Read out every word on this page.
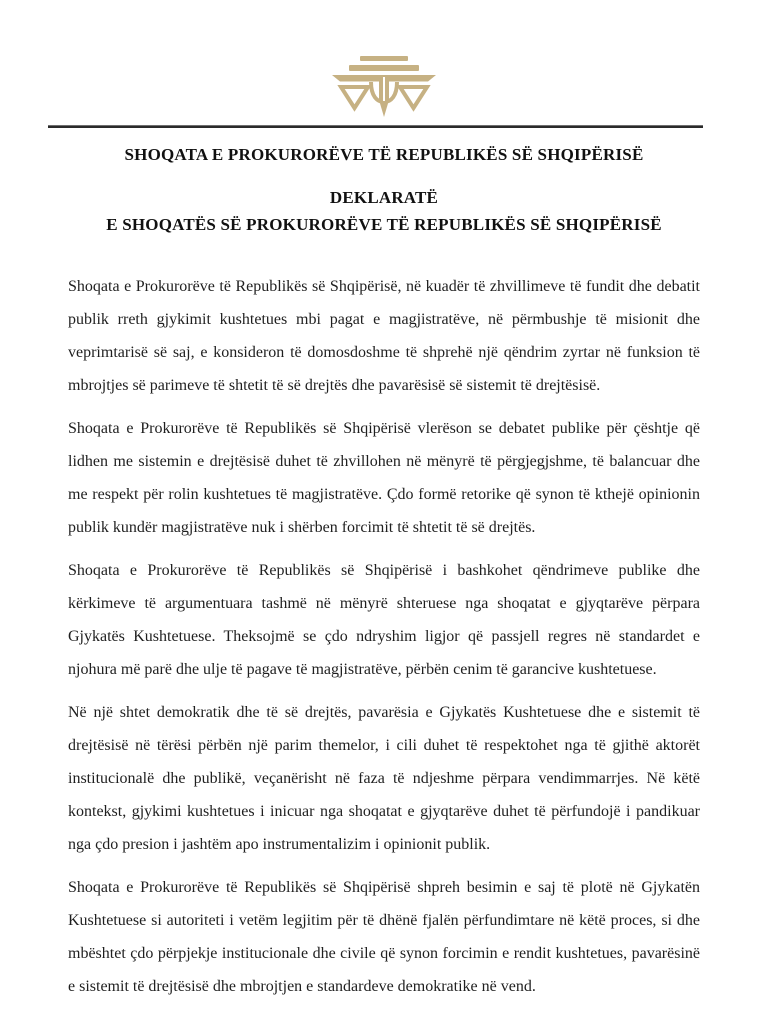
SHOQATA E PROKURORËVE TË REPUBLIKËS SË SHQIPËRISË
DEKLARATË
E SHOQATËS SË PROKURORËVE TË REPUBLIKËS SË SHQIPËRISË

Shoqata e Prokurorëve të Republikës së Shqipërisë, në kuadër të zhvillimeve të fundit dhe debatit publik rreth gjykimit kushtetues mbi pagat e magjistratëve, në përmbushje të misionit dhe veprimtarisë së saj, e konsideron të domosdoshme të shprehë një qëndrim zyrtar në funksion të mbrojtjes së parimeve të shtetit të së drejtës dhe pavarësisë së sistemit të drejtësisë.

Shoqata e Prokurorëve të Republikës së Shqipërisë vlerëson se debatet publike për çështje që lidhen me sistemin e drejtësisë duhet të zhvillohen në mënyrë të përgjegjshme, të balancuar dhe me respekt për rolin kushtetues të magjistratëve. Çdo formë retorike që synon të kthejë opinionin publik kundër magjistratëve nuk i shërben forcimit të shtetit të së drejtës.

Shoqata e Prokurorëve të Republikës së Shqipërisë i bashkohet qëndrimeve publike dhe kërkimeve të argumentuara tashmë në mënyrë shteruese nga shoqatat e gjyqtarëve përpara Gjykatës Kushtetuese. Theksojmë se çdo ndryshim ligjor që passjell regres në standardet e njohura më parë dhe ulje të pagave të magjistratëve, përbën cenim të garancive kushtetuese.

Në një shtet demokratik dhe të së drejtës, pavarësia e Gjykatës Kushtetuese dhe e sistemit të drejtësisë në tërësi përbën një parim themelor, i cili duhet të respektohet nga të gjithë aktorët institucionalë dhe publikë, veçanërisht në faza të ndjeshme përpara vendimmarrjes. Në këtë kontekst, gjykimi kushtetues i inicuar nga shoqatat e gjyqtarëve duhet të përfundojë i pandikuar nga çdo presion i jashtëm apo instrumentalizim i opinionit publik.

Shoqata e Prokurorëve të Republikës së Shqipërisë shpreh besimin e saj të plotë në Gjykatën Kushtetuese si autoriteti i vetëm legjitim për të dhënë fjalën përfundimtare në këtë proces, si dhe mbështet çdo përpjekje institucionale dhe civile që synon forcimin e rendit kushtetues, pavarësinë e sistemit të drejtësisë dhe mbrojtjen e standardeve demokratike në vend.
